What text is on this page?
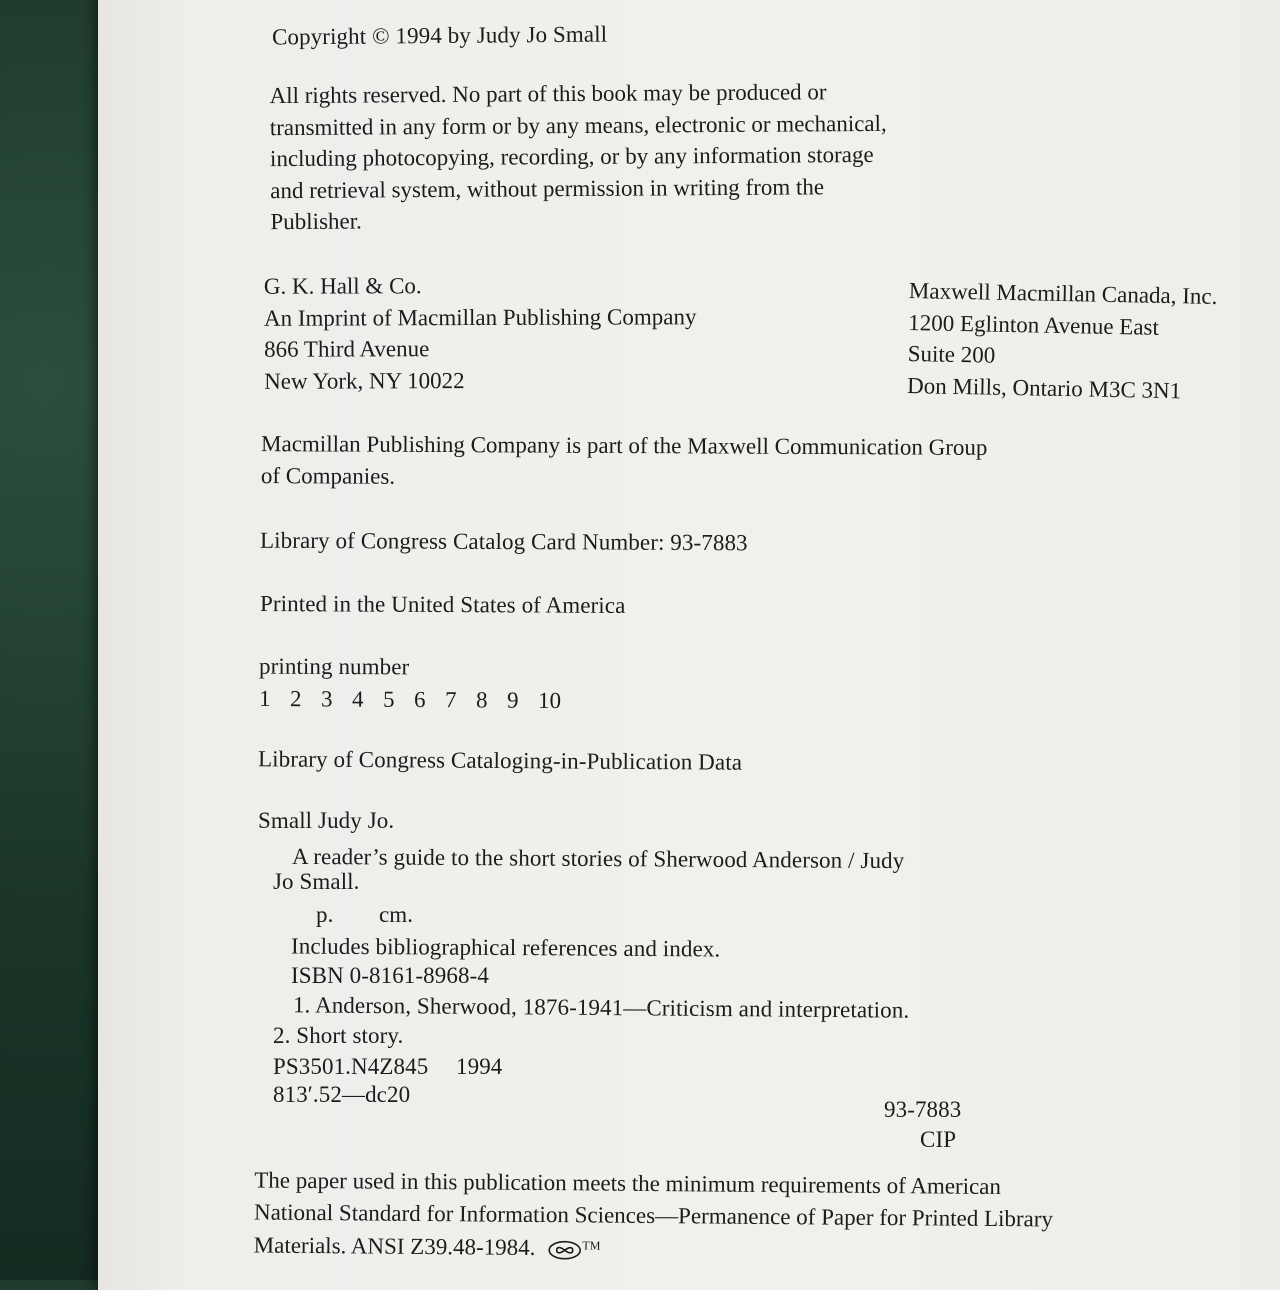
Copyright © 1994 by Judy Jo Small
All rights reserved. No part of this book may be produced or
transmitted in any form or by any means, electronic or mechanical,
including photocopying, recording, or by any information storage
and retrieval system, without permission in writing from the
Publisher.
G. K. Hall & Co.
An Imprint of Macmillan Publishing Company
866 Third Avenue
New York, NY 10022
Maxwell Macmillan Canada, Inc.
1200 Eglinton Avenue East
Suite 200
Don Mills, Ontario M3C 3N1
Macmillan Publishing Company is part of the Maxwell Communication Group
of Companies.
Library of Congress Catalog Card Number: 93-7883
Printed in the United States of America
printing number
1 2 3 4 5 6 7 8 9 10
Library of Congress Cataloging-in-Publication Data
Small Judy Jo.
A reader’s guide to the short stories of Sherwood Anderson / Judy
Jo Small.
p. cm.
Includes bibliographical references and index.
ISBN 0-8161-8968-4
1. Anderson, Sherwood, 1876-1941—Criticism and interpretation.
2. Short story.
PS3501.N4Z845 1994
813′.52—dc20
93-7883
CIP
The paper used in this publication meets the minimum requirements of American
National Standard for Information Sciences—Permanence of Paper for Printed Library
Materials. ANSI Z39.48-1984.	™
